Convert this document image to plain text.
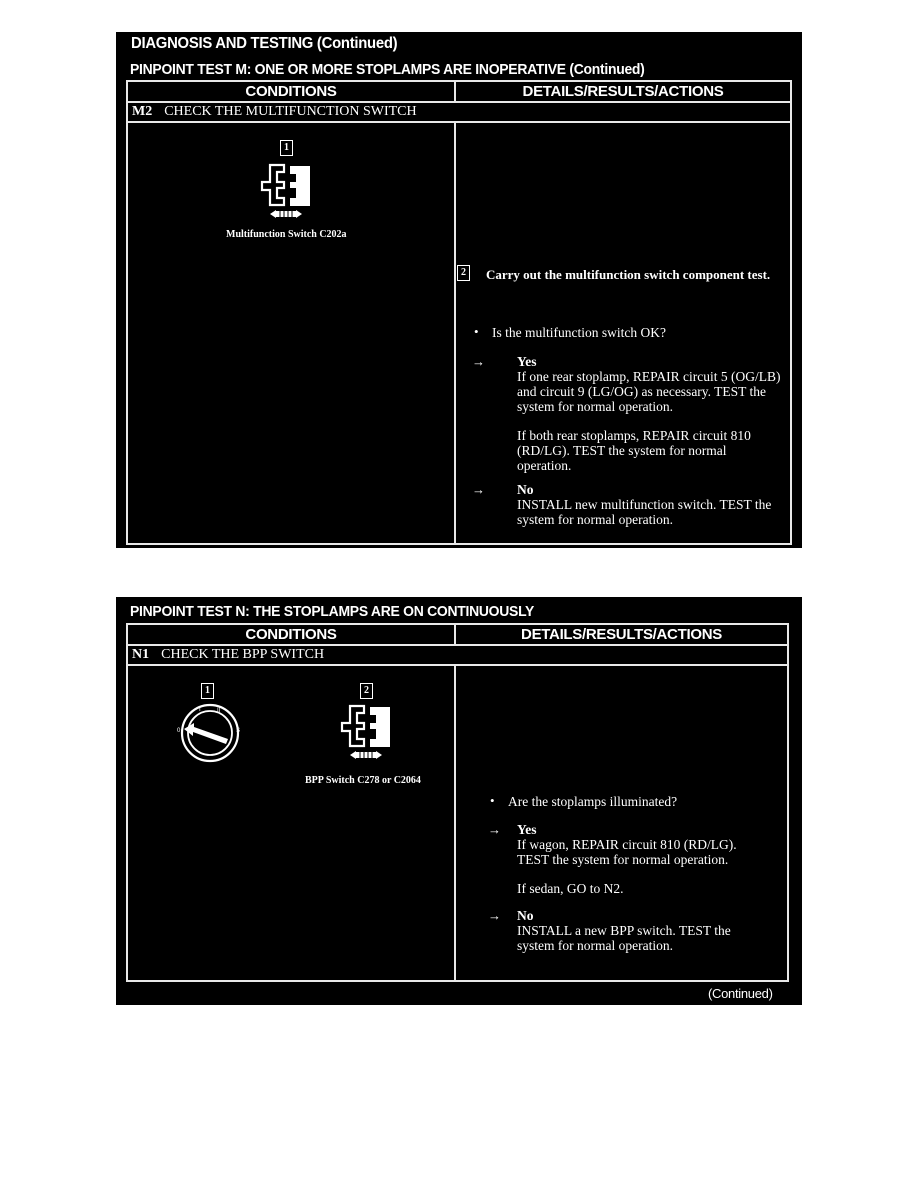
DIAGNOSIS AND TESTING (Continued)
PINPOINT TEST M: ONE OR MORE STOPLAMPS ARE INOPERATIVE (Continued)
CONDITIONS	DETAILS/RESULTS/ACTIONS
M2 CHECK THE MULTIFUNCTION SWITCH
1
Multifunction Switch C202a
2	Carry out the multifunction switch component test.
• Is the multifunction switch OK?
→ Yes
If one rear stoplamp, REPAIR circuit 5 (OG/LB) and circuit 9 (LG/OG) as necessary. TEST the system for normal operation.
If both rear stoplamps, REPAIR circuit 810 (RD/LG). TEST the system for normal operation.
→ No
INSTALL new multifunction switch. TEST the system for normal operation.
PINPOINT TEST N: THE STOPLAMPS ARE ON CONTINUOUSLY
CONDITIONS	DETAILS/RESULTS/ACTIONS
N1 CHECK THE BPP SWITCH
1
0
I	II
S
2
BPP Switch C278 or C2064
• Are the stoplamps illuminated?
→ Yes
If wagon, REPAIR circuit 810 (RD/LG). TEST the system for normal operation.
If sedan, GO to N2.
→ No
INSTALL a new BPP switch. TEST the system for normal operation.
(Continued)
